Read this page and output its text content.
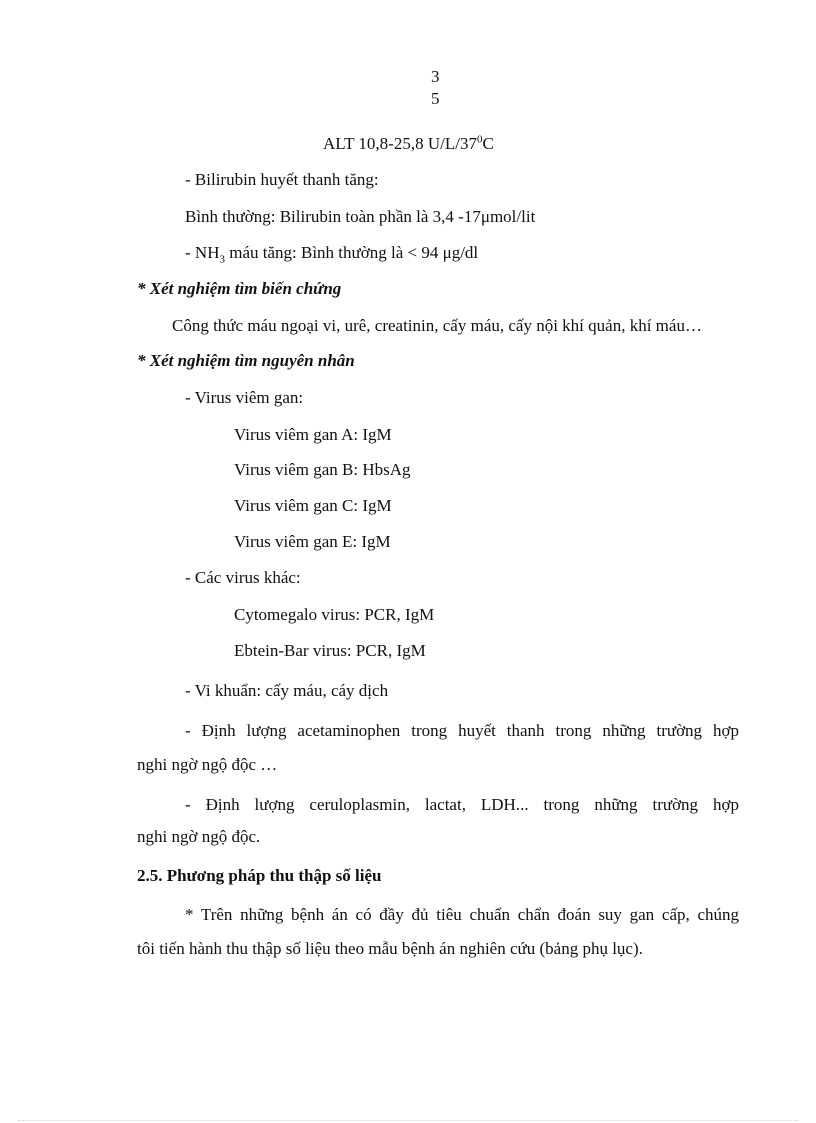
3
5
ALT 10,8-25,8 $U/L/37^0C$
- Bilirubin huyết thanh tăng:
Bình thường: Bilirubin toàn phần là 3,4 -17μmol/lit
- $NH_3$ máu tăng: Bình thường là < 94 μg/dl
* Xét nghiệm tìm biến chứng
Công thức máu ngoại vi, urê, creatinin, cấy máu, cấy nội khí quản, khí máu…
* Xét nghiệm tìm nguyên nhân
- Virus viêm gan:
Virus viêm gan A: IgM
Virus viêm gan B: HbsAg
Virus viêm gan C: IgM
Virus viêm gan E: IgM
- Các virus khác:
Cytomegalo virus: PCR, IgM
Ebtein-Bar virus: PCR, IgM
- Vi khuẩn: cấy máu, cáy dịch
- Định lượng acetaminophen trong huyết thanh trong những trường hợp
nghi ngờ ngộ độc …
- Định lượng ceruloplasmin, lactat, LDH... trong những trường hợp
nghi ngờ ngộ độc.
2.5. Phương pháp thu thập số liệu
* Trên những bệnh án có đầy đủ tiêu chuẩn chẩn đoán suy gan cấp, chúng
tôi tiến hành thu thập số liệu theo mẫu bệnh án nghiên cứu (bảng phụ lục).
